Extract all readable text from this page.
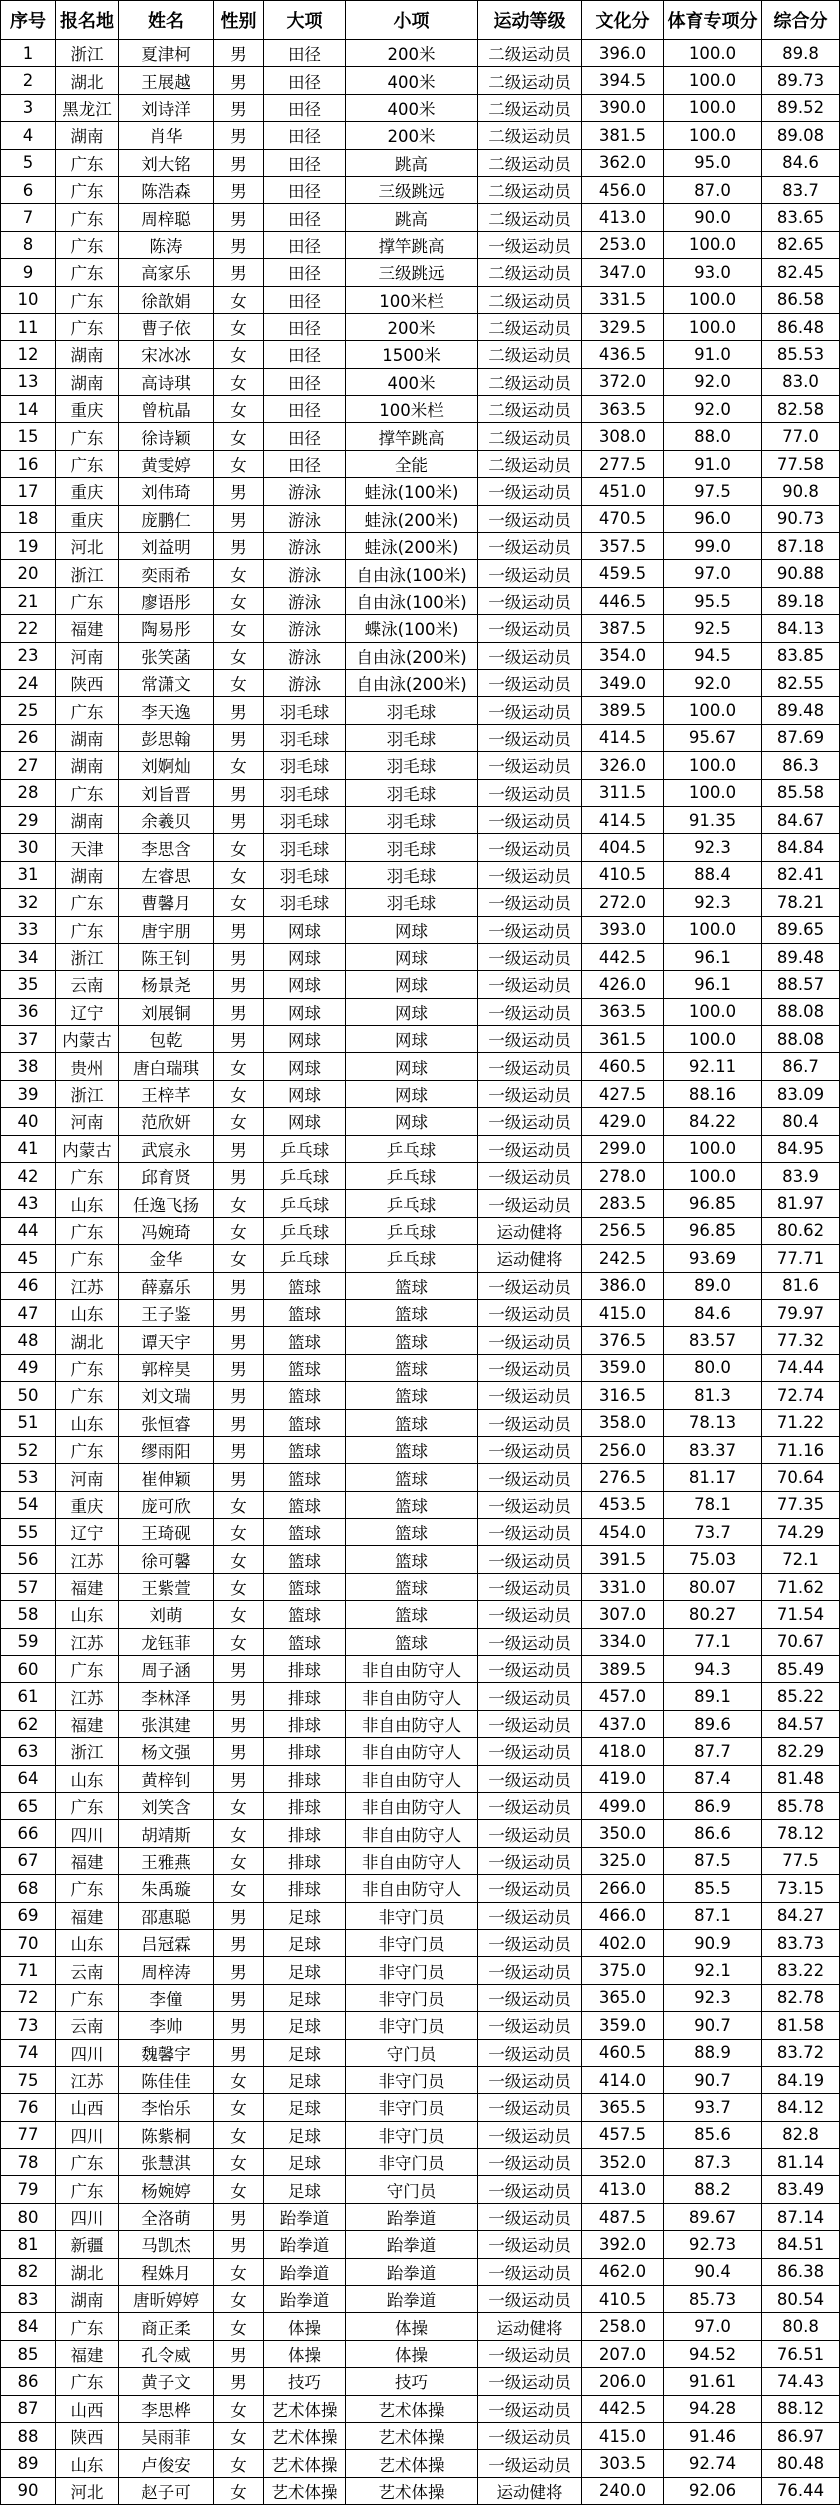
序号	报名地	姓名	性别	大项	小项	运动等级	文化分	体育专项分	综合分
1	浙江	夏津柯	男	田径	200米	二级运动员	396.0	100.0	89.8
2	湖北	王展越	男	田径	400米	二级运动员	394.5	100.0	89.73
3	黑龙江	刘诗洋	男	田径	400米	二级运动员	390.0	100.0	89.52
4	湖南	肖华	男	田径	200米	二级运动员	381.5	100.0	89.08
5	广东	刘大铭	男	田径	跳高	二级运动员	362.0	95.0	84.6
6	广东	陈浩森	男	田径	三级跳远	二级运动员	456.0	87.0	83.7
7	广东	周梓聪	男	田径	跳高	二级运动员	413.0	90.0	83.65
8	广东	陈涛	男	田径	撑竿跳高	一级运动员	253.0	100.0	82.65
9	广东	高家乐	男	田径	三级跳远	二级运动员	347.0	93.0	82.45
10	广东	徐歆娟	女	田径	100米栏	二级运动员	331.5	100.0	86.58
11	广东	曹子依	女	田径	200米	二级运动员	329.5	100.0	86.48
12	湖南	宋冰冰	女	田径	1500米	二级运动员	436.5	91.0	85.53
13	湖南	高诗琪	女	田径	400米	二级运动员	372.0	92.0	83.0
14	重庆	曾杭晶	女	田径	100米栏	二级运动员	363.5	92.0	82.58
15	广东	徐诗颖	女	田径	撑竿跳高	二级运动员	308.0	88.0	77.0
16	广东	黄雯婷	女	田径	全能	二级运动员	277.5	91.0	77.58
17	重庆	刘伟琦	男	游泳	蛙泳(100米)	一级运动员	451.0	97.5	90.8
18	重庆	庞鹏仁	男	游泳	蛙泳(200米)	一级运动员	470.5	96.0	90.73
19	河北	刘益明	男	游泳	蛙泳(200米)	一级运动员	357.5	99.0	87.18
20	浙江	奕雨希	女	游泳	自由泳(100米)	一级运动员	459.5	97.0	90.88
21	广东	廖语彤	女	游泳	自由泳(100米)	一级运动员	446.5	95.5	89.18
22	福建	陶易彤	女	游泳	蝶泳(100米)	一级运动员	387.5	92.5	84.13
23	河南	张笑菡	女	游泳	自由泳(200米)	一级运动员	354.0	94.5	83.85
24	陕西	常潇文	女	游泳	自由泳(200米)	一级运动员	349.0	92.0	82.55
25	广东	李天逸	男	羽毛球	羽毛球	一级运动员	389.5	100.0	89.48
26	湖南	彭思翰	男	羽毛球	羽毛球	一级运动员	414.5	95.67	87.69
27	湖南	刘婀灿	女	羽毛球	羽毛球	一级运动员	326.0	100.0	86.3
28	广东	刘旨晋	男	羽毛球	羽毛球	一级运动员	311.5	100.0	85.58
29	湖南	余羲贝	男	羽毛球	羽毛球	一级运动员	414.5	91.35	84.67
30	天津	李思含	女	羽毛球	羽毛球	一级运动员	404.5	92.3	84.84
31	湖南	左睿思	女	羽毛球	羽毛球	一级运动员	410.5	88.4	82.41
32	广东	曹馨月	女	羽毛球	羽毛球	一级运动员	272.0	92.3	78.21
33	广东	唐宇朋	男	网球	网球	一级运动员	393.0	100.0	89.65
34	浙江	陈王钊	男	网球	网球	一级运动员	442.5	96.1	89.48
35	云南	杨景尧	男	网球	网球	一级运动员	426.0	96.1	88.57
36	辽宁	刘展铜	男	网球	网球	一级运动员	363.5	100.0	88.08
37	内蒙古	包乾	男	网球	网球	一级运动员	361.5	100.0	88.08
38	贵州	唐白瑞琪	女	网球	网球	一级运动员	460.5	92.11	86.7
39	浙江	王梓芊	女	网球	网球	一级运动员	427.5	88.16	83.09
40	河南	范欣妍	女	网球	网球	一级运动员	429.0	84.22	80.4
41	内蒙古	武宸永	男	乒乓球	乒乓球	一级运动员	299.0	100.0	84.95
42	广东	邱育贤	男	乒乓球	乒乓球	一级运动员	278.0	100.0	83.9
43	山东	任逸飞扬	女	乒乓球	乒乓球	一级运动员	283.5	96.85	81.97
44	广东	冯婉琦	女	乒乓球	乒乓球	运动健将	256.5	96.85	80.62
45	广东	金华	女	乒乓球	乒乓球	运动健将	242.5	93.69	77.71
46	江苏	薛嘉乐	男	篮球	篮球	一级运动员	386.0	89.0	81.6
47	山东	王子鉴	男	篮球	篮球	一级运动员	415.0	84.6	79.97
48	湖北	谭天宇	男	篮球	篮球	一级运动员	376.5	83.57	77.32
49	广东	郭梓昊	男	篮球	篮球	一级运动员	359.0	80.0	74.44
50	广东	刘文瑞	男	篮球	篮球	一级运动员	316.5	81.3	72.74
51	山东	张恒睿	男	篮球	篮球	一级运动员	358.0	78.13	71.22
52	广东	缪雨阳	男	篮球	篮球	一级运动员	256.0	83.37	71.16
53	河南	崔伸颖	男	篮球	篮球	一级运动员	276.5	81.17	70.64
54	重庆	庞可欣	女	篮球	篮球	一级运动员	453.5	78.1	77.35
55	辽宁	王琦砚	女	篮球	篮球	一级运动员	454.0	73.7	74.29
56	江苏	徐可馨	女	篮球	篮球	一级运动员	391.5	75.03	72.1
57	福建	王紫萱	女	篮球	篮球	一级运动员	331.0	80.07	71.62
58	山东	刘萌	女	篮球	篮球	一级运动员	307.0	80.27	71.54
59	江苏	龙钰菲	女	篮球	篮球	一级运动员	334.0	77.1	70.67
60	广东	周子涵	男	排球	非自由防守人	一级运动员	389.5	94.3	85.49
61	江苏	李林泽	男	排球	非自由防守人	一级运动员	457.0	89.1	85.22
62	福建	张淇建	男	排球	非自由防守人	一级运动员	437.0	89.6	84.57
63	浙江	杨文强	男	排球	非自由防守人	一级运动员	418.0	87.7	82.29
64	山东	黄梓钊	男	排球	非自由防守人	一级运动员	419.0	87.4	81.48
65	广东	刘笑含	女	排球	非自由防守人	一级运动员	499.0	86.9	85.78
66	四川	胡靖斯	女	排球	非自由防守人	一级运动员	350.0	86.6	78.12
67	福建	王雅燕	女	排球	非自由防守人	一级运动员	325.0	87.5	77.5
68	广东	朱禹璇	女	排球	非自由防守人	一级运动员	266.0	85.5	73.15
69	福建	邵惠聪	男	足球	非守门员	一级运动员	466.0	87.1	84.27
70	山东	吕冠霖	男	足球	非守门员	一级运动员	402.0	90.9	83.73
71	云南	周梓涛	男	足球	非守门员	一级运动员	375.0	92.1	83.22
72	广东	李僮	男	足球	非守门员	一级运动员	365.0	92.3	82.78
73	云南	李帅	男	足球	非守门员	一级运动员	359.0	90.7	81.58
74	四川	魏馨宇	男	足球	守门员	一级运动员	460.5	88.9	83.72
75	江苏	陈佳佳	女	足球	非守门员	一级运动员	414.0	90.7	84.19
76	山西	李怡乐	女	足球	非守门员	一级运动员	365.5	93.7	84.12
77	四川	陈紫桐	女	足球	非守门员	一级运动员	457.5	85.6	82.8
78	广东	张慧淇	女	足球	非守门员	一级运动员	352.0	87.3	81.14
79	广东	杨婉婷	女	足球	守门员	一级运动员	413.0	88.2	83.49
80	四川	全洛萌	男	跆拳道	跆拳道	一级运动员	487.5	89.67	87.14
81	新疆	马凯杰	男	跆拳道	跆拳道	一级运动员	392.0	92.73	84.51
82	湖北	程姝月	女	跆拳道	跆拳道	一级运动员	462.0	90.4	86.38
83	湖南	唐昕婷婷	女	跆拳道	跆拳道	一级运动员	410.5	85.73	80.54
84	广东	商正柔	女	体操	体操	运动健将	258.0	97.0	80.8
85	福建	孔令威	男	体操	体操	一级运动员	207.0	94.52	76.51
86	广东	黄子文	男	技巧	技巧	一级运动员	206.0	91.61	74.43
87	山西	李思桦	女	艺术体操	艺术体操	一级运动员	442.5	94.28	88.12
88	陕西	吴雨菲	女	艺术体操	艺术体操	一级运动员	415.0	91.46	86.97
89	山东	卢俊安	女	艺术体操	艺术体操	一级运动员	303.5	92.74	80.48
90	河北	赵子可	女	艺术体操	艺术体操	运动健将	240.0	92.06	76.44
